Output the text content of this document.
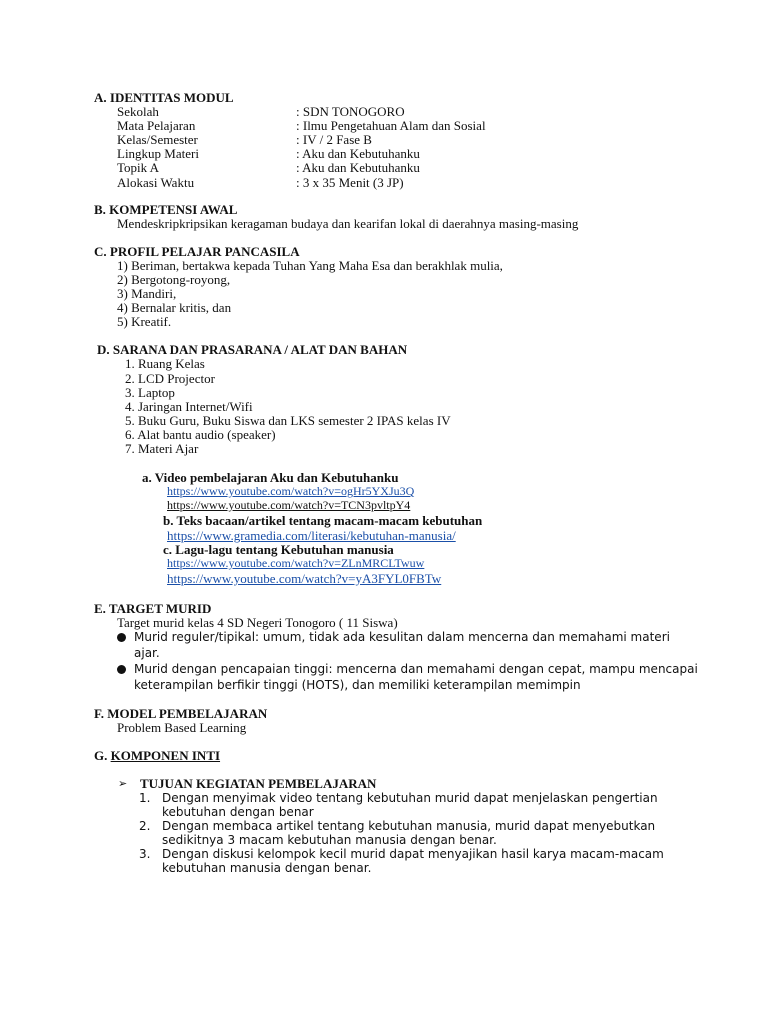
A. IDENTITAS MODUL
Sekolah	: SDN TONOGORO
Mata Pelajaran	: Ilmu Pengetahuan Alam dan Sosial
Kelas/Semester	: IV / 2 Fase B
Lingkup Materi	: Aku dan Kebutuhanku
Topik A	: Aku dan Kebutuhanku
Alokasi Waktu	: 3 x 35 Menit (3 JP)
B. KOMPETENSI AWAL
Mendeskripkripsikan keragaman budaya dan kearifan lokal di daerahnya masing-masing
C. PROFIL PELAJAR PANCASILA
1) Beriman, bertakwa kepada Tuhan Yang Maha Esa dan berakhlak mulia,
2) Bergotong-royong,
3) Mandiri,
4) Bernalar kritis, dan
5) Kreatif.
D. SARANA DAN PRASARANA / ALAT DAN BAHAN
1. Ruang Kelas
2. LCD Projector
3. Laptop
4. Jaringan Internet/Wifi
5. Buku Guru, Buku Siswa dan LKS semester 2 IPAS kelas IV
6. Alat bantu audio (speaker)
7. Materi Ajar
a. Video pembelajaran Aku dan Kebutuhanku
https://www.youtube.com/watch?v=ogHr5YXJu3Q
https://www.youtube.com/watch?v=TCN3pvltpY4
b. Teks bacaan/artikel tentang macam-macam kebutuhan
https://www.gramedia.com/literasi/kebutuhan-manusia/
c. Lagu-lagu tentang Kebutuhan manusia
https://www.youtube.com/watch?v=ZLnMRCLTwuw
https://www.youtube.com/watch?v=yA3FYL0FBTw
E. TARGET MURID
Target murid kelas 4 SD Negeri Tonogoro ( 11 Siswa)
Murid reguler/tipikal: umum, tidak ada kesulitan dalam mencerna dan memahami materi
ajar.
Murid dengan pencapaian tinggi: mencerna dan memahami dengan cepat, mampu mencapai
keterampilan berfikir tinggi (HOTS), dan memiliki keterampilan memimpin
F. MODEL PEMBELAJARAN
Problem Based Learning
G. KOMPONEN INTI
➢ TUJUAN KEGIATAN PEMBELAJARAN
1. Dengan menyimak video tentang kebutuhan murid dapat menjelaskan pengertian
kebutuhan dengan benar
2. Dengan membaca artikel tentang kebutuhan manusia, murid dapat menyebutkan
sedikitnya 3 macam kebutuhan manusia dengan benar.
3. Dengan diskusi kelompok kecil murid dapat menyajikan hasil karya macam-macam
kebutuhan manusia dengan benar.
